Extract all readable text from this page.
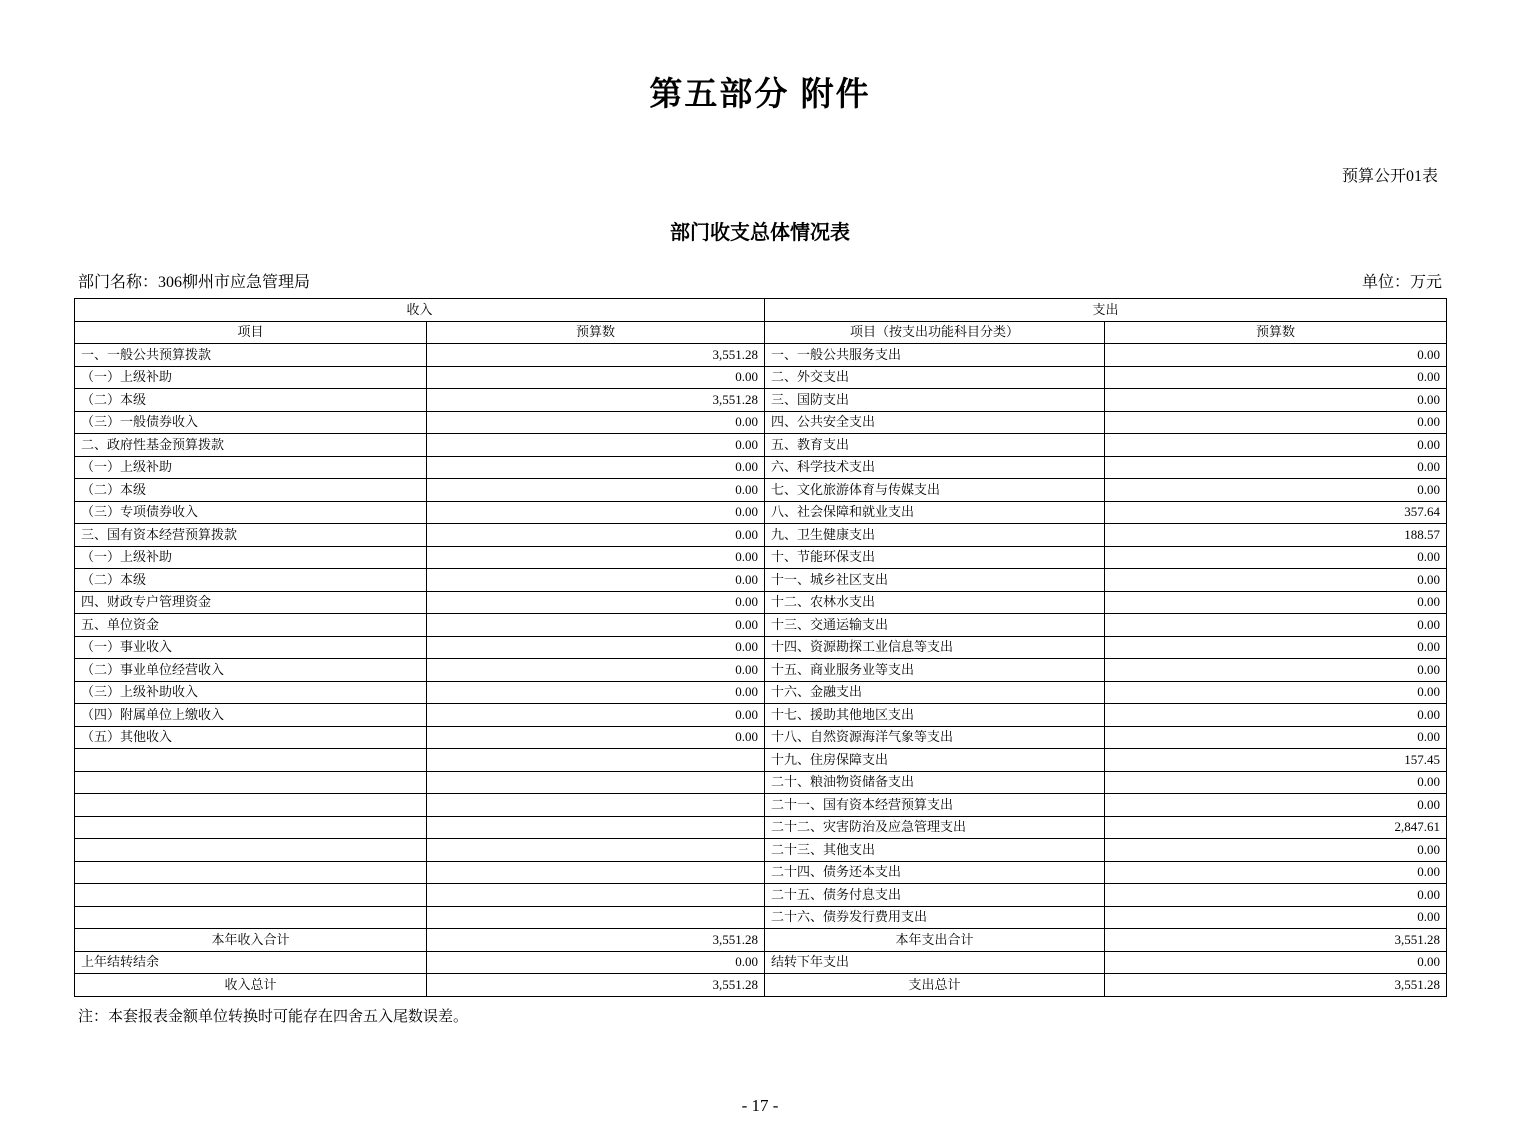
第五部分 附件
预算公开01表
部门收支总体情况表
部门名称：306柳州市应急管理局	单位：万元
收入		支出	
项目	预算数	项目（按支出功能科目分类）	预算数
一、一般公共预算拨款	3,551.28	一、一般公共服务支出	0.00
（一）上级补助	0.00	二、外交支出	0.00
（二）本级	3,551.28	三、国防支出	0.00
（三）一般债券收入	0.00	四、公共安全支出	0.00
二、政府性基金预算拨款	0.00	五、教育支出	0.00
（一）上级补助	0.00	六、科学技术支出	0.00
（二）本级	0.00	七、文化旅游体育与传媒支出	0.00
（三）专项债券收入	0.00	八、社会保障和就业支出	357.64
三、国有资本经营预算拨款	0.00	九、卫生健康支出	188.57
（一）上级补助	0.00	十、节能环保支出	0.00
（二）本级	0.00	十一、城乡社区支出	0.00
四、财政专户管理资金	0.00	十二、农林水支出	0.00
五、单位资金	0.00	十三、交通运输支出	0.00
（一）事业收入	0.00	十四、资源勘探工业信息等支出	0.00
（二）事业单位经营收入	0.00	十五、商业服务业等支出	0.00
（三）上级补助收入	0.00	十六、金融支出	0.00
（四）附属单位上缴收入	0.00	十七、援助其他地区支出	0.00
（五）其他收入	0.00	十八、自然资源海洋气象等支出	0.00
		十九、住房保障支出	157.45
		二十、粮油物资储备支出	0.00
		二十一、国有资本经营预算支出	0.00
		二十二、灾害防治及应急管理支出	2,847.61
		二十三、其他支出	0.00
		二十四、债务还本支出	0.00
		二十五、债务付息支出	0.00
		二十六、债券发行费用支出	0.00
本年收入合计	3,551.28	本年支出合计	3,551.28
上年结转结余	0.00	结转下年支出	0.00
收入总计	3,551.28	支出总计	3,551.28
注：本套报表金额单位转换时可能存在四舍五入尾数误差。
- 17 -
